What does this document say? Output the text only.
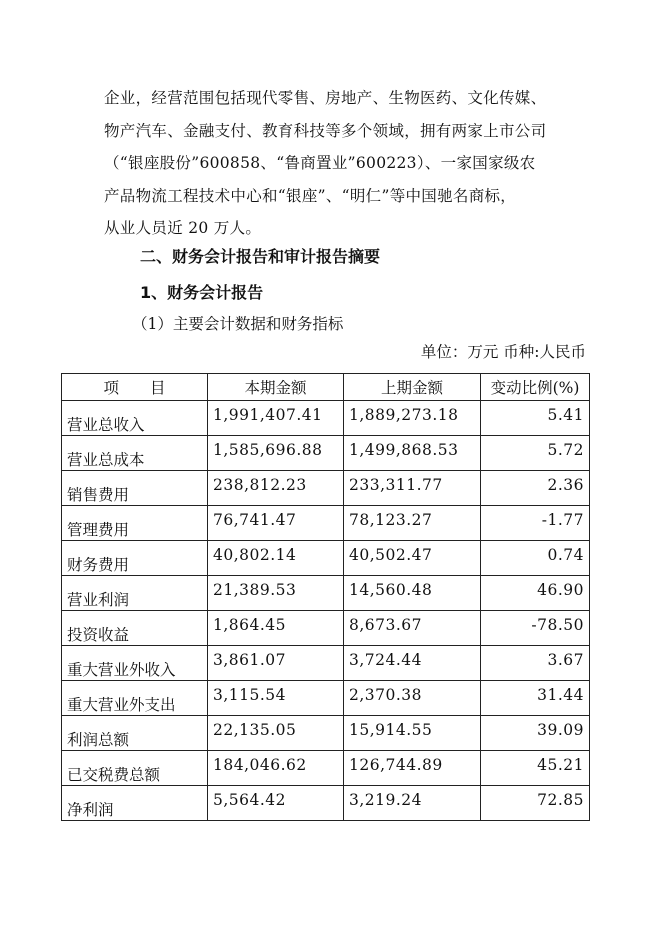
企业，经营范围包括现代零售、房地产、生物医药、文化传媒、
物产汽车、金融支付、教育科技等多个领域，拥有两家上市公司
（“银座股份”600858、“鲁商置业”600223）、一家国家级农
产品物流工程技术中心和“银座”、“明仁”等中国驰名商标，
从业人员近 20 万人。
二、财务会计报告和审计报告摘要
1、财务会计报告
（1）主要会计数据和财务指标
单位：万元 币种:人民币
项　　目	本期金额	上期金额	变动比例(%)
营业总收入	1,991,407.41	1,889,273.18	5.41
营业总成本	1,585,696.88	1,499,868.53	5.72
销售费用	238,812.23	233,311.77	2.36
管理费用	76,741.47	78,123.27	-1.77
财务费用	40,802.14	40,502.47	0.74
营业利润	21,389.53	14,560.48	46.90
投资收益	1,864.45	8,673.67	-78.50
重大营业外收入	3,861.07	3,724.44	3.67
重大营业外支出	3,115.54	2,370.38	31.44
利润总额	22,135.05	15,914.55	39.09
已交税费总额	184,046.62	126,744.89	45.21
净利润	5,564.42	3,219.24	72.85
